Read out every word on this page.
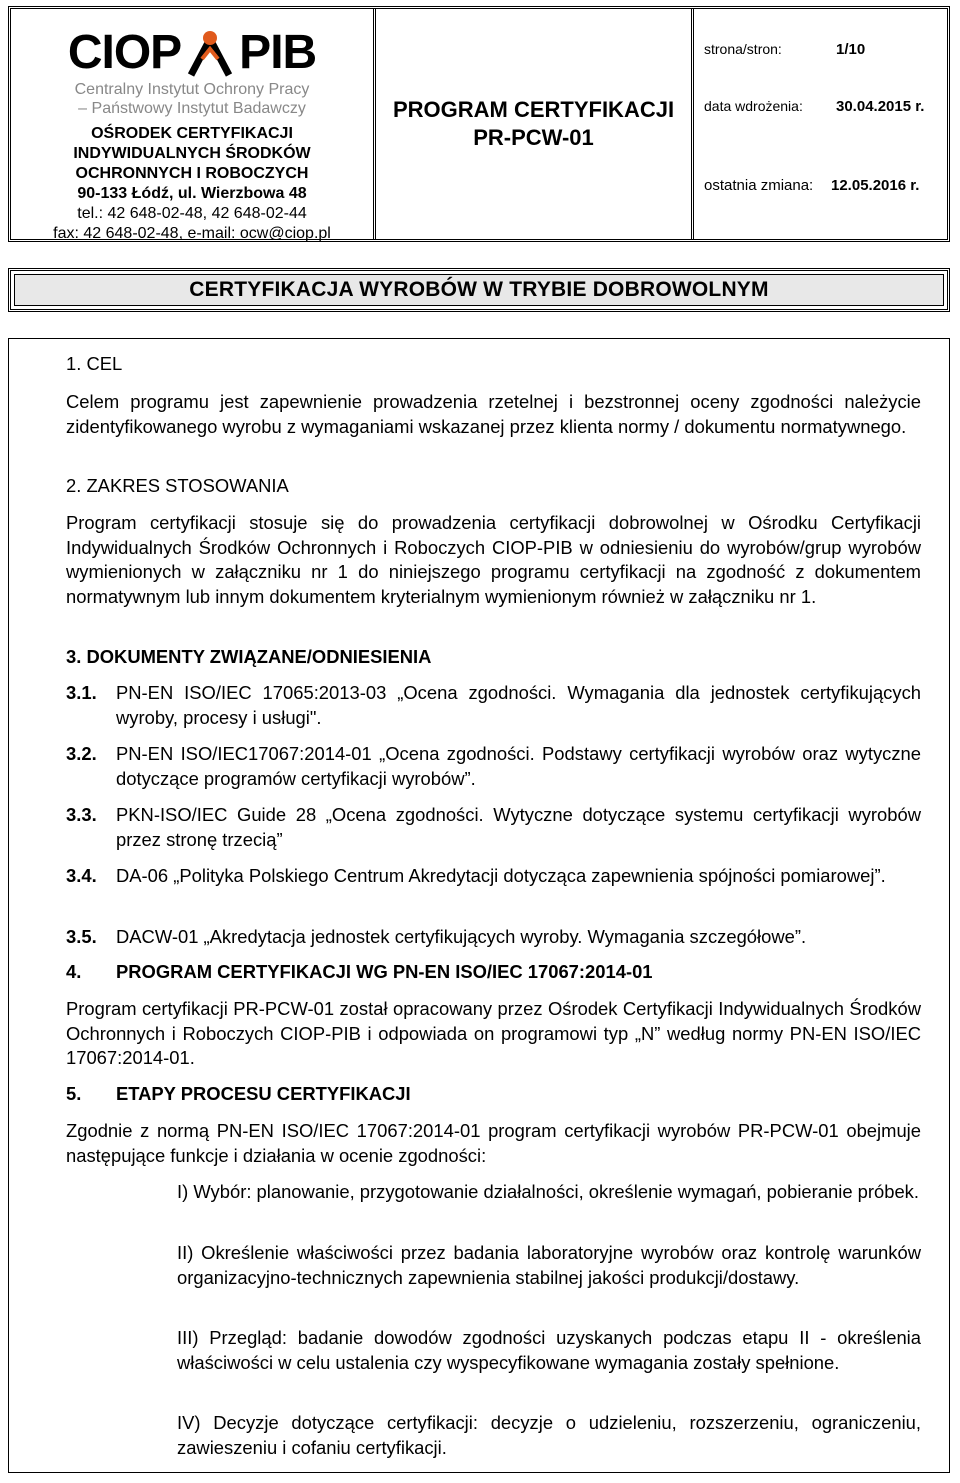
CIOP PIB
Centralny Instytut Ochrony Pracy
– Państwowy Instytut Badawczy
OŚRODEK CERTYFIKACJI
INDYWIDUALNYCH ŚRODKÓW
OCHRONNYCH I ROBOCZYCH
90-133 Łódź, ul. Wierzbowa 48
tel.: 42 648-02-48, 42 648-02-44
fax: 42 648-02-48, e-mail: ocw@ciop.pl
PROGRAM CERTYFIKACJI
PR-PCW-01
strona/stron:	1/10
data wdrożenia: 30.04.2015 r.
ostatnia zmiana: 12.05.2016 r.
CERTYFIKACJA WYROBÓW W TRYBIE DOBROWOLNYM
1. CEL
Celem programu jest zapewnienie prowadzenia rzetelnej i bezstronnej oceny zgodności należycie zidentyfikowanego wyrobu z wymaganiami wskazanej przez klienta normy / dokumentu normatywnego.
2. ZAKRES STOSOWANIA
Program certyfikacji stosuje się do prowadzenia certyfikacji dobrowolnej w Ośrodku Certyfikacji Indywidualnych Środków Ochronnych i Roboczych CIOP-PIB w odniesieniu do wyrobów/grup wyrobów wymienionych w załączniku nr 1 do niniejszego programu certyfikacji na zgodność z dokumentem normatywnym lub innym dokumentem kryterialnym wymienionym również w załączniku nr 1.
3. DOKUMENTY ZWIĄZANE/ODNIESIENIA
3.1. PN-EN ISO/IEC 17065:2013-03 „Ocena zgodności. Wymagania dla jednostek certyfikujących wyroby, procesy i usługi".
3.2. PN-EN ISO/IEC17067:2014-01 „Ocena zgodności. Podstawy certyfikacji wyrobów oraz wytyczne dotyczące programów certyfikacji wyrobów”.
3.3. PKN-ISO/IEC Guide 28 „Ocena zgodności. Wytyczne dotyczące systemu certyfikacji wyrobów przez stronę trzecią”
3.4. DA-06 „Polityka Polskiego Centrum Akredytacji dotycząca zapewnienia spójności pomiarowej”.
3.5. DACW-01 „Akredytacja jednostek certyfikujących wyroby. Wymagania szczegółowe”.
4. PROGRAM CERTYFIKACJI WG PN-EN ISO/IEC 17067:2014-01
Program certyfikacji PR-PCW-01 został opracowany przez Ośrodek Certyfikacji Indywidualnych Środków Ochronnych i Roboczych CIOP-PIB i odpowiada on programowi typ „N” według normy PN-EN ISO/IEC 17067:2014-01.
5. ETAPY PROCESU CERTYFIKACJI
Zgodnie z normą PN-EN ISO/IEC 17067:2014-01 program certyfikacji wyrobów PR-PCW-01 obejmuje następujące funkcje i działania w ocenie zgodności:
I) Wybór: planowanie, przygotowanie działalności, określenie wymagań, pobieranie próbek.
II) Określenie właściwości przez badania laboratoryjne wyrobów oraz kontrolę warunków organizacyjno-technicznych zapewnienia stabilnej jakości produkcji/dostawy.
III) Przegląd: badanie dowodów zgodności uzyskanych podczas etapu II - określenia właściwości w celu ustalenia czy wyspecyfikowane wymagania zostały spełnione.
IV) Decyzje dotyczące certyfikacji: decyzje o udzieleniu, rozszerzeniu, ograniczeniu, zawieszeniu i cofaniu certyfikacji.
